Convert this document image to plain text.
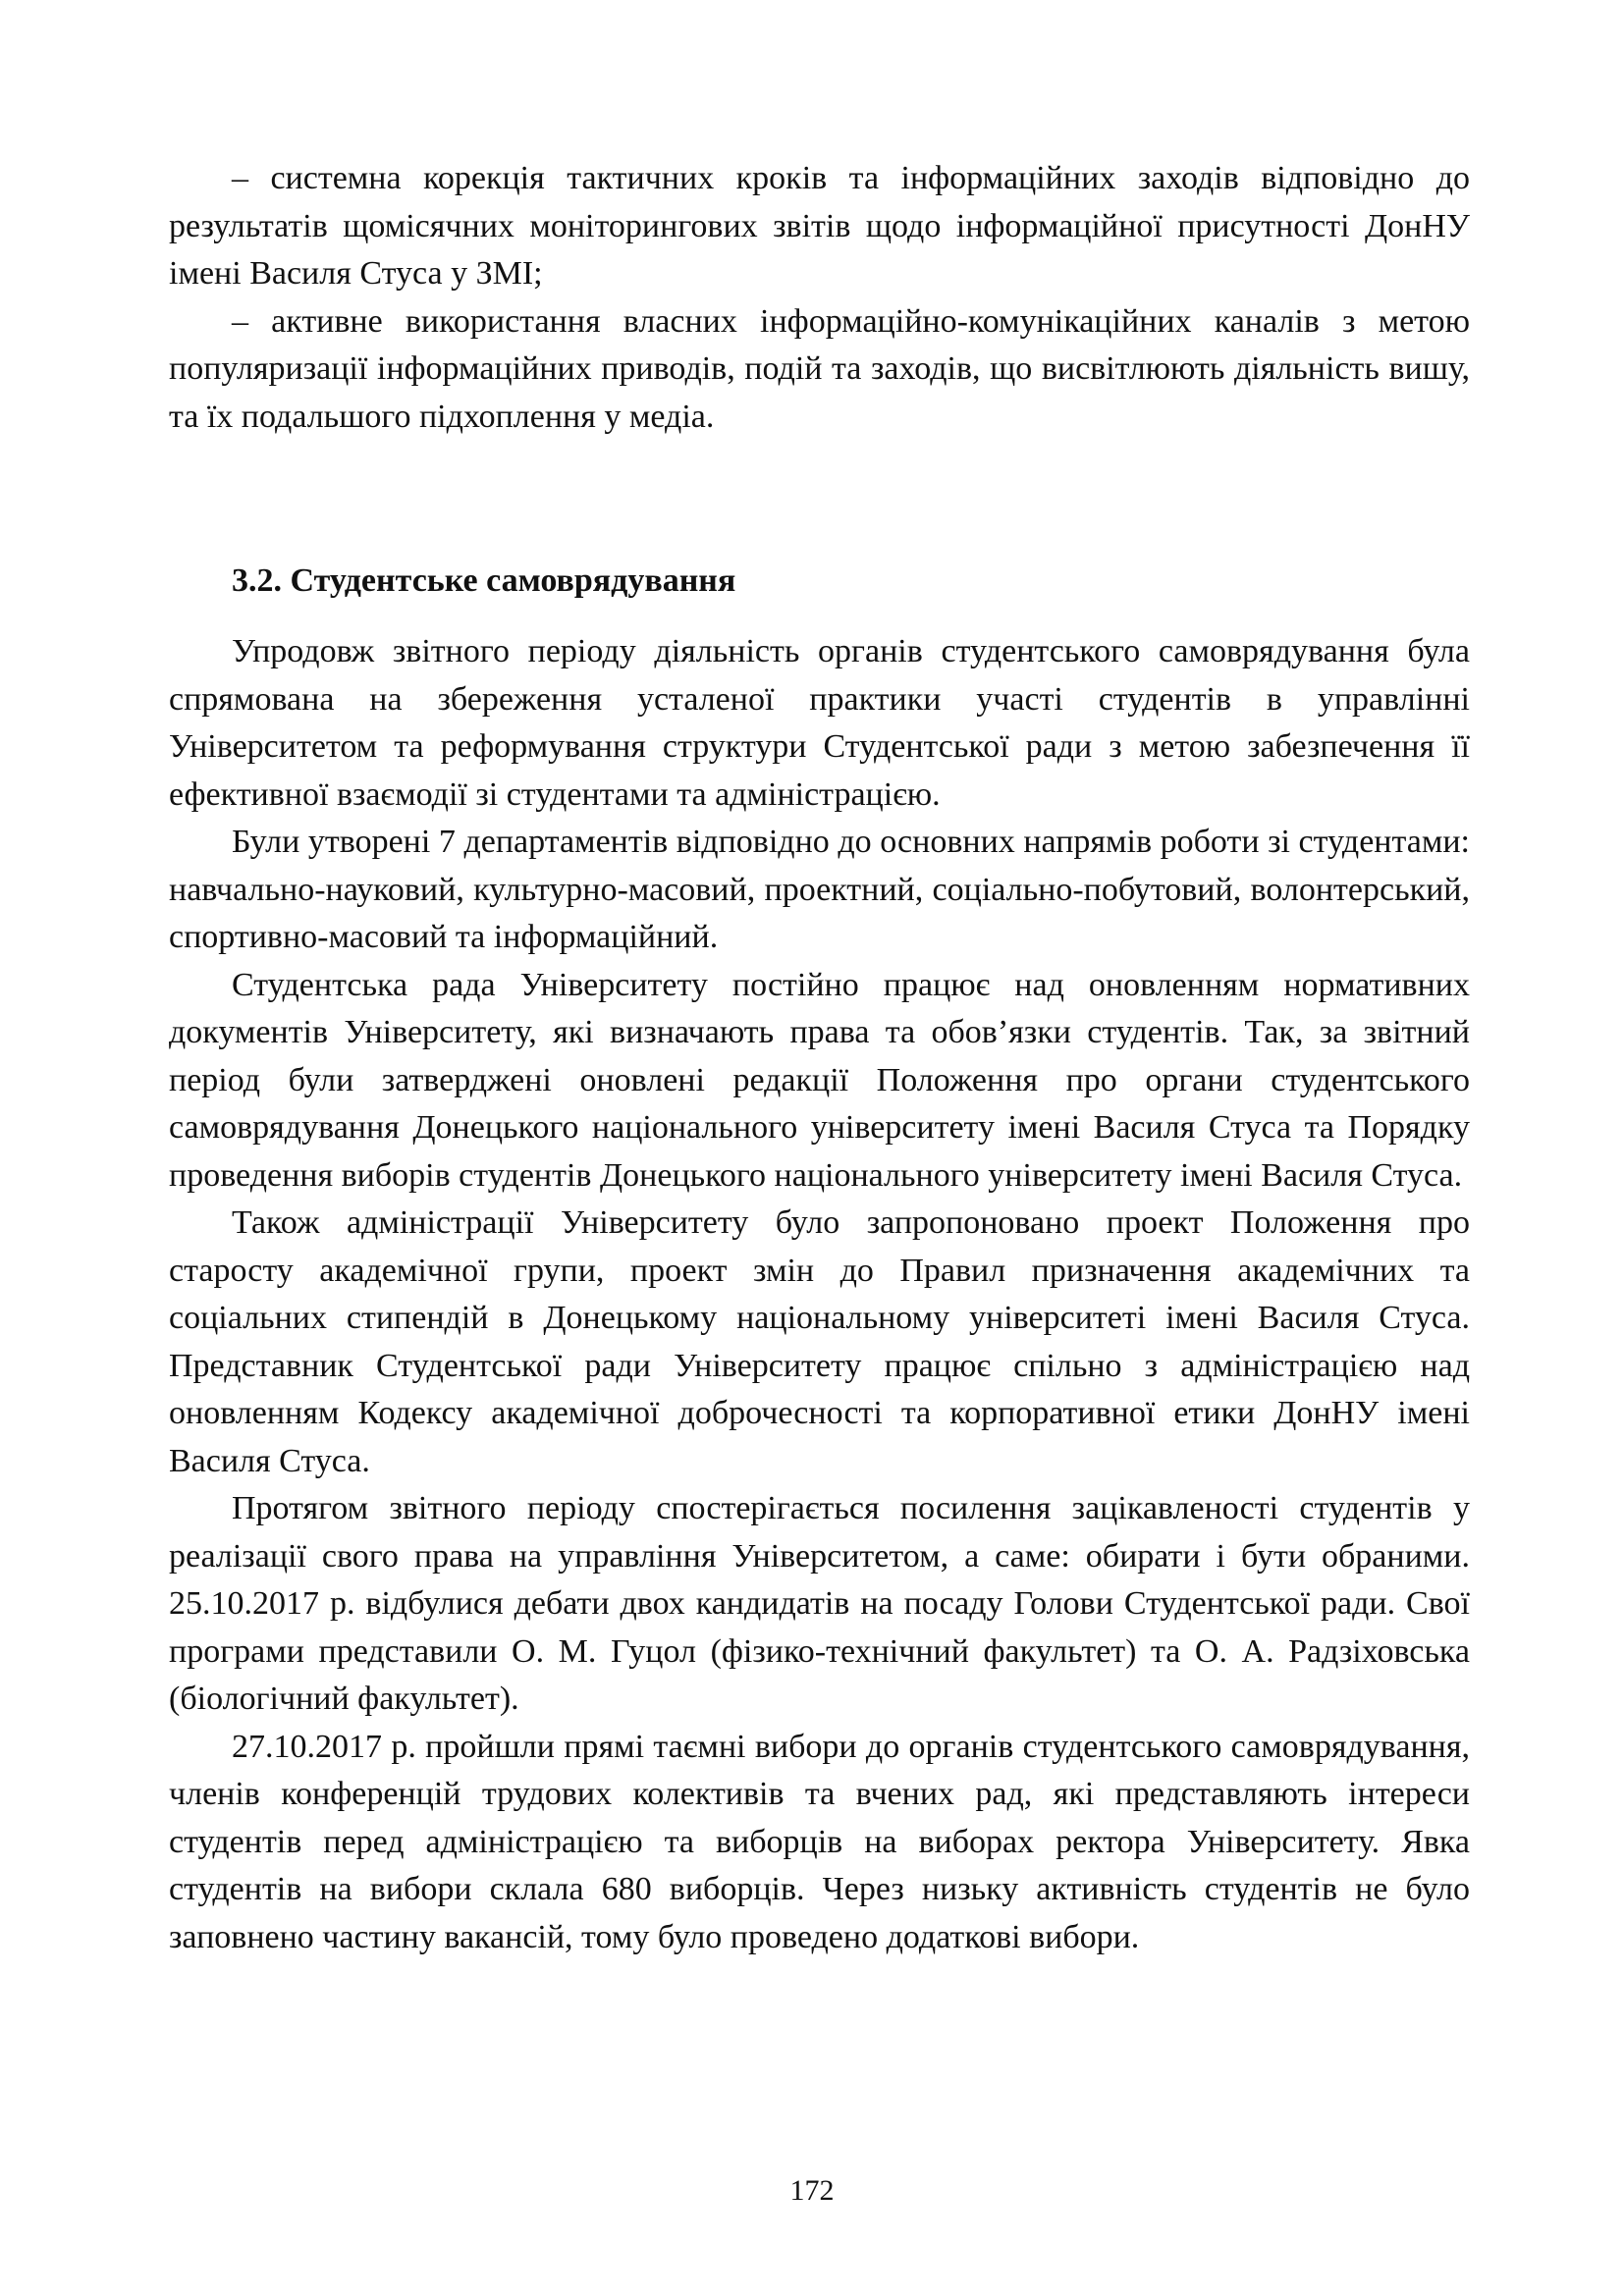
– системна корекція тактичних кроків та інформаційних заходів відповідно до результатів щомісячних моніторингових звітів щодо інформаційної присутності ДонНУ імені Василя Стуса у ЗМІ;

– активне використання власних інформаційно-комунікаційних каналів з метою популяризації інформаційних приводів, подій та заходів, що висвітлюють діяльність вишу, та їх подальшого підхоплення у медіа.

3.2. Студентське самоврядування

Упродовж звітного періоду діяльність органів студентського самоврядування була спрямована на збереження усталеної практики участі студентів в управлінні Університетом та реформування структури Студентської ради з метою забезпечення її ефективної взаємодії зі студентами та адміністрацією.

Були утворені 7 департаментів відповідно до основних напрямів роботи зі студентами: навчально-науковий, культурно-масовий, проектний, соціально-побутовий, волонтерський, спортивно-масовий та інформаційний.

Студентська рада Університету постійно працює над оновленням нормативних документів Університету, які визначають права та обов’язки студентів. Так, за звітний період були затверджені оновлені редакції Положення про органи студентського самоврядування Донецького національного університету імені Василя Стуса та Порядку проведення виборів студентів Донецького національного університету імені Василя Стуса.

Також адміністрації Університету було запропоновано проект Положення про старосту академічної групи, проект змін до Правил призначення академічних та соціальних стипендій в Донецькому національному університеті імені Василя Стуса. Представник Студентської ради Університету працює спільно з адміністрацією над оновленням Кодексу академічної доброчесності та корпоративної етики ДонНУ імені Василя Стуса.

Протягом звітного періоду спостерігається посилення зацікавленості студентів у реалізації свого права на управління Університетом, а саме: обирати і бути обраними. 25.10.2017 р. відбулися дебати двох кандидатів на посаду Голови Студентської ради. Свої програми представили О. М. Гуцол (фізико-технічний факультет) та О. А. Радзіховська (біологічний факультет).

27.10.2017 р. пройшли прямі таємні вибори до органів студентського самоврядування, членів конференцій трудових колективів та вчених рад, які представляють інтереси студентів перед адміністрацією та виборців на виборах ректора Університету. Явка студентів на вибори склала 680 виборців. Через низьку активність студентів не було заповнено частину вакансій, тому було проведено додаткові вибори.

172
